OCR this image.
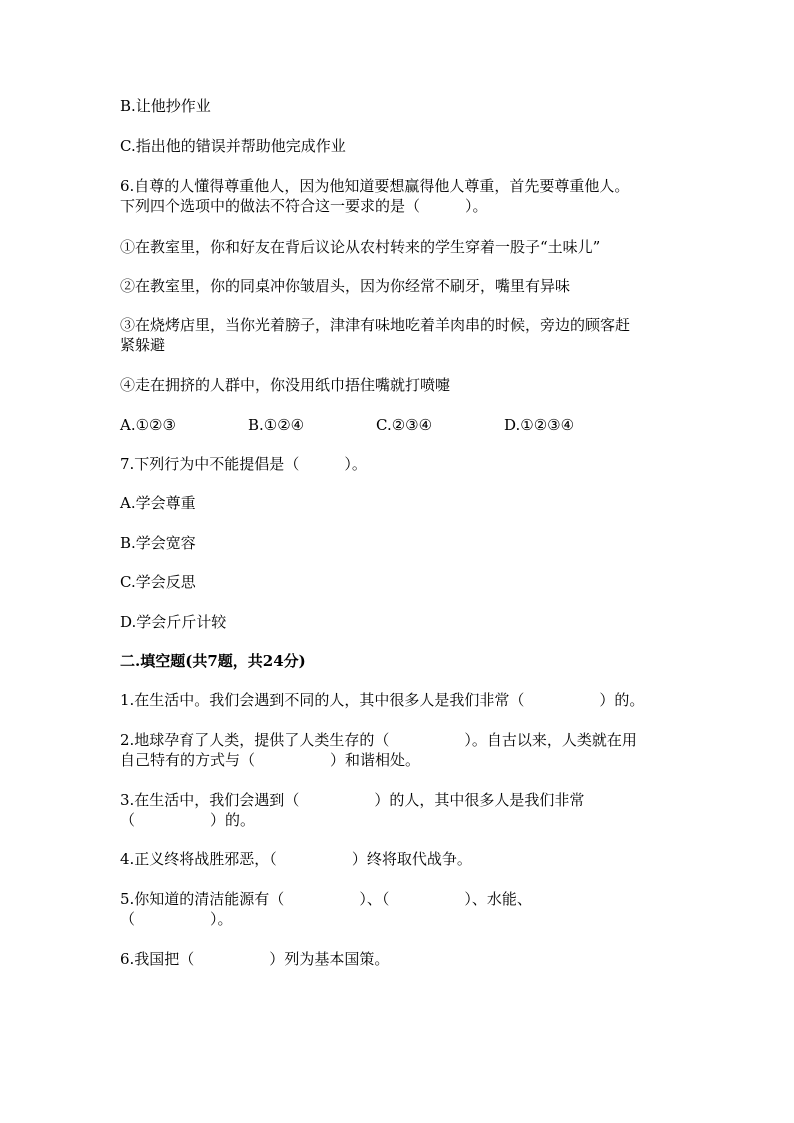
B.让他抄作业
C.指出他的错误并帮助他完成作业
6.自尊的人懂得尊重他人，因为他知道要想赢得他人尊重，首先要尊重他人。
下列四个选项中的做法不符合这一要求的是（　　　）。
①在教室里，你和好友在背后议论从农村转来的学生穿着一股子“土味儿”
②在教室里，你的同桌冲你皱眉头，因为你经常不刷牙，嘴里有异味
③在烧烤店里，当你光着膀子，津津有味地吃着羊肉串的时候，旁边的顾客赶
紧躲避
④走在拥挤的人群中，你没用纸巾捂住嘴就打喷嚏
A.①②③	B.①②④	C.②③④	D.①②③④
7.下列行为中不能提倡是（　　　）。
A.学会尊重
B.学会宽容
C.学会反思
D.学会斤斤计较
二.填空题(共7题，共24分)
1.在生活中。我们会遇到不同的人，其中很多人是我们非常（　　　　　）的。
2.地球孕育了人类，提供了人类生存的（　　　　　）。自古以来，人类就在用
自己特有的方式与（　　　　　）和谐相处。
3.在生活中，我们会遇到（　　　　　）的人，其中很多人是我们非常
（　　　　　）的。
4.正义终将战胜邪恶，（　　　　　）终将取代战争。
5.你知道的清洁能源有（　　　　　）、（　　　　　）、水能、
（　　　　　）。
6.我国把（　　　　　）列为基本国策。
